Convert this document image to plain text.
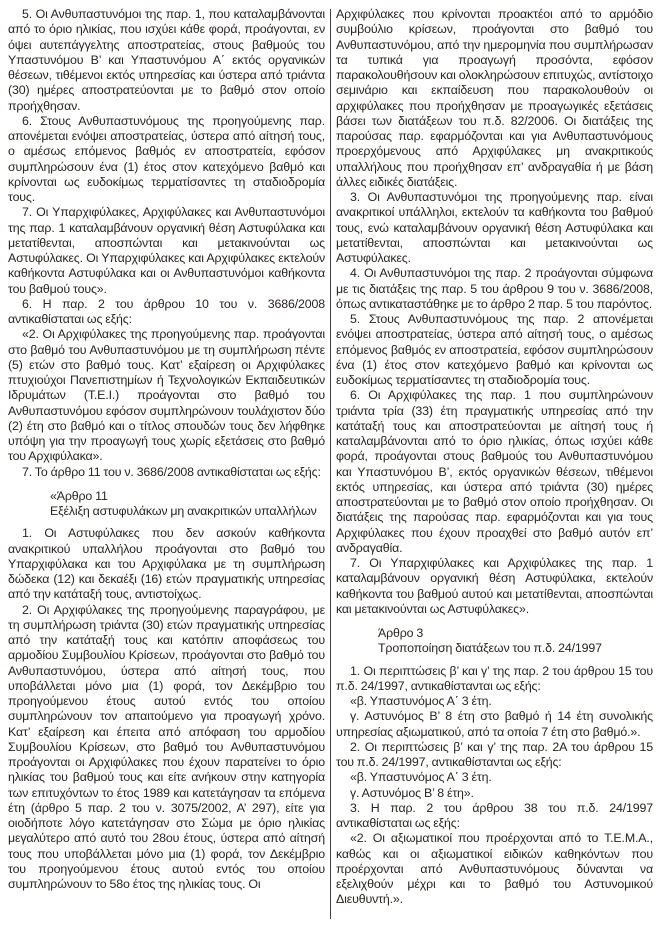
5. Οι Ανθυπαστυνόμοι της παρ. 1, που καταλαμβάνονται από το όριο ηλικίας, που ισχύει κάθε φορά, προάγονται, εν όψει αυτεπάγγελτης αποστρατείας, στους βαθμούς του Υπαστυνόμου Β’ και Υπαστυνόμου Α΄ εκτός οργανικών θέσεων, τιθέμενοι εκτός υπηρεσίας και ύστερα από τριάντα (30) ημέρες αποστρατεύονται με το βαθμό στον οποίο προήχθησαν.

6. Στους Ανθυπαστυνόμους της προηγούμενης παρ. απονέμεται ενόψει αποστρατείας, ύστερα από αίτησή τους, ο αμέσως επόμενος βαθμός εν αποστρατεία, εφόσον συμπληρώσουν ένα (1) έτος στον κατεχόμενο βαθμό και κρίνονται ως ευδοκίμως τερματίσαντες τη σταδιοδρομία τους.

7. Οι Υπαρχιφύλακες, Αρχιφύλακες και Ανθυπαστυνόμοι της παρ. 1 καταλαμβάνουν οργανική θέση Αστυφύλακα και μετατίθενται, αποσπώνται και μετακινούνται ως Αστυφύλακες. Οι Υπαρχιφύλακες και Αρχιφύλακες εκτελούν καθήκοντα Αστυφύλακα και οι Ανθυπαστυνόμοι καθήκοντα του βαθμού τους».

6. Η παρ. 2 του άρθρου 10 του ν. 3686/2008 αντικαθίσταται ως εξής:

«2. Οι Αρχιφύλακες της προηγούμενης παρ. προάγονται στο βαθμό του Ανθυπαστυνόμου με τη συμπλήρωση πέντε (5) ετών στο βαθμό τους. Κατ’ εξαίρεση οι Αρχιφύλακες πτυχιούχοι Πανεπιστημίων ή Τεχνολογικών Εκπαιδευτικών Ιδρυμάτων (Τ.Ε.Ι.) προάγονται στο βαθμό του Ανθυπαστυνόμου εφόσον συμπληρώνουν τουλάχιστον δύο (2) έτη στο βαθμό και ο τίτλος σπουδών τους δεν λήφθηκε υπόψη για την προαγωγή τους χωρίς εξετάσεις στο βαθμό του Αρχιφύλακα».

7. Το άρθρο 11 του ν. 3686/2008 αντικαθίσταται ως εξής:

«Άρθρο 11

Εξέλιξη αστυφυλάκων μη ανακριτικών υπαλλήλων

1. Οι Αστυφύλακες που δεν ασκούν καθήκοντα ανακριτικού υπαλλήλου προάγονται στο βαθμό του Υπαρχιφύλακα και του Αρχιφύλακα με τη συμπλήρωση δώδεκα (12) και δεκαέξι (16) ετών πραγματικής υπηρεσίας από την κατάταξή τους, αντιστοίχως.

2. Οι Αρχιφύλακες της προηγούμενης παραγράφου, με τη συμπλήρωση τριάντα (30) ετών πραγματικής υπηρεσίας από την κατάταξή τους και κατόπιν αποφάσεως του αρμοδίου Συμβουλίου Κρίσεων, προάγονται στο βαθμό του Ανθυπαστυνόμου, ύστερα από αίτησή τους, που υποβάλλεται μόνο μια (1) φορά, τον Δεκέμβριο του προηγούμενου έτους αυτού εντός του οποίου συμπληρώνουν τον απαιτούμενο για προαγωγή χρόνο. Κατ’ εξαίρεση και έπειτα από απόφαση του αρμοδίου Συμβουλίου Κρίσεων, στο βαθμό του Ανθυπαστυνόμου προάγονται οι Αρχιφύλακες που έχουν παρατείνει το όριο ηλικίας του βαθμού τους και είτε ανήκουν στην κατηγορία των επιτυχόντων το έτος 1989 και κατετάγησαν τα επόμενα έτη (άρθρο 5 παρ. 2 του ν. 3075/2002, Α’ 297), είτε για οιοδήποτε λόγο κατετάγησαν στο Σώμα με όριο ηλικίας μεγαλύτερο από αυτό του 28ου έτους, ύστερα από αίτησή τους που υποβάλλεται μόνο μια (1) φορά, τον Δεκέμβριο του προηγούμενου έτους αυτού εντός του οποίου συμπληρώνουν το 58ο έτος της ηλικίας τους. Οι

Αρχιφύλακες που κρίνονται προακτέοι από το αρμόδιο συμβούλιο κρίσεων, προάγονται στο βαθμό του Ανθυπαστυνόμου, από την ημερομηνία που συμπλήρωσαν τα τυπικά για προαγωγή προσόντα, εφόσον παρακολουθήσουν και ολοκληρώσουν επιτυχώς, αντίστοιχο σεμινάριο και εκπαίδευση που παρακολουθούν οι αρχιφύλακες που προήχθησαν με προαγωγικές εξετάσεις βάσει των διατάξεων του π.δ. 82/2006. Οι διατάξεις της παρούσας παρ. εφαρμόζονται και για Ανθυπαστυνόμους προερχόμενους από Αρχιφύλακες μη ανακριτικούς υπαλλήλους που προήχθησαν επ’ ανδραγαθία ή με βάση άλλες ειδικές διατάξεις.

3. Οι Ανθυπαστυνόμοι της προηγούμενης παρ. είναι ανακριτικοί υπάλληλοι, εκτελούν τα καθήκοντα του βαθμού τους, ενώ καταλαμβάνουν οργανική θέση Αστυφύλακα και μετατίθενται, αποσπώνται και μετακινούνται ως Αστυφύλακες.

4. Οι Ανθυπαστυνόμοι της παρ. 2 προάγονται σύμφωνα με τις διατάξεις της παρ. 5 του άρθρου 9 του ν. 3686/2008, όπως αντικαταστάθηκε με το άρθρο 2 παρ. 5 του παρόντος.

5. Στους Ανθυπαστυνόμους της παρ. 2 απονέμεται ενόψει αποστρατείας, ύστερα από αίτησή τους, ο αμέσως επόμενος βαθμός εν αποστρατεία, εφόσον συμπληρώσουν ένα (1) έτος στον κατεχόμενο βαθμό και κρίνονται ως ευδοκίμως τερματίσαντες τη σταδιοδρομία τους.

6. Οι Αρχιφύλακες της παρ. 1 που συμπληρώνουν τριάντα τρία (33) έτη πραγματικής υπηρεσίας από την κατάταξή τους και αποστρατεύονται με αίτησή τους ή καταλαμβάνονται από το όριο ηλικίας, όπως ισχύει κάθε φορά, προάγονται στους βαθμούς του Ανθυπαστυνόμου και Υπαστυνόμου Β’, εκτός οργανικών θέσεων, τιθέμενοι εκτός υπηρεσίας, και ύστερα από τριάντα (30) ημέρες αποστρατεύονται με το βαθμό στον οποίο προήχθησαν. Οι διατάξεις της παρούσας παρ. εφαρμόζονται και για τους Αρχιφύλακες που έχουν προαχθεί στο βαθμό αυτόν επ’ ανδραγαθία.

7. Οι Υπαρχιφύλακες και Αρχιφύλακες της παρ. 1 καταλαμβάνουν οργανική θέση Αστυφύλακα, εκτελούν καθήκοντα του βαθμού αυτού και μετατίθενται, αποσπώνται και μετακινούνται ως Αστυφύλακες».

Άρθρο 3

Τροποποίηση διατάξεων του π.δ. 24/1997

1. Οι περιπτώσεις β’ και γ’ της παρ. 2 του άρθρου 15 του π.δ. 24/1997, αντικαθίστανται ως εξής:

«β. Υπαστυνόμος Α΄ 3 έτη.

γ. Αστυνόμος Β’ 8 έτη στο βαθμό ή 14 έτη συνολικής υπηρεσίας αξιωματικού, από τα οποία 7 έτη στο βαθμό.».

2. Οι περιπτώσεις β’ και γ’ της παρ. 2Α του άρθρου 15 του π.δ. 24/1997, αντικαθίστανται ως εξής:

«β. Υπαστυνόμος Α΄ 3 έτη.

γ. Αστυνόμος Β’ 8 έτη».

3. Η παρ. 2 του άρθρου 38 του π.δ. 24/1997 αντικαθίσταται ως εξής:

«2. Οι αξιωματικοί που προέρχονται από το Τ.Ε.Μ.Α., καθώς και οι αξιωματικοί ειδικών καθηκόντων που προέρχονται από Ανθυπαστυνόμους δύνανται να εξελιχθούν μέχρι και το βαθμό του Αστυνομικού Διευθυντή.».
